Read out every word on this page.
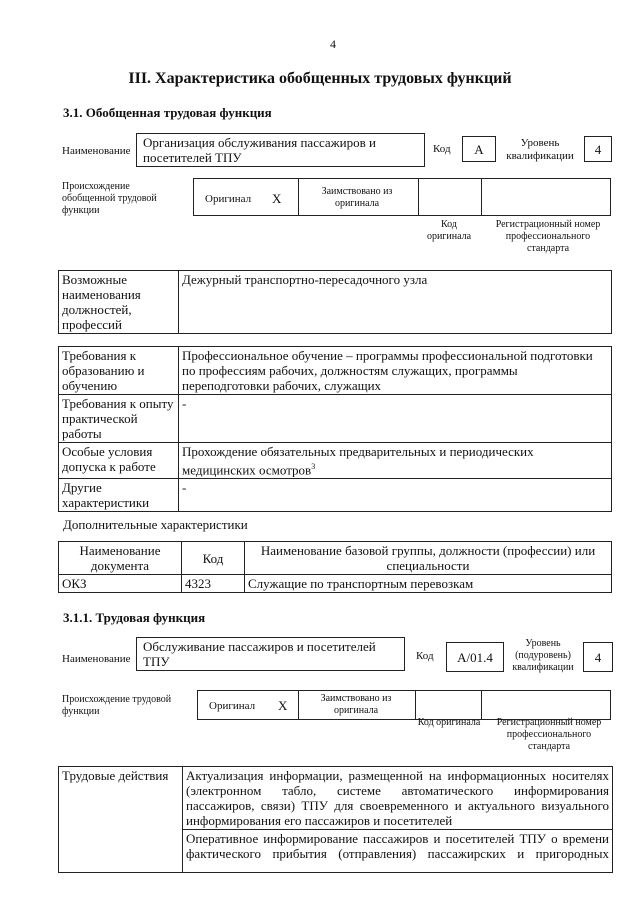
4
III. Характеристика обобщенных трудовых функций
3.1. Обобщенная трудовая функция
Наименование
Организация обслуживания пассажиров и посетителей ТПУ
Код	А	Уровень квалификации	4
Происхождение обобщенной трудовой функции
Оригинал Х	Заимствовано из оригинала
Код оригинала
Регистрационный номер профессионального стандарта
Возможные наименования должностей, профессий	Дежурный транспортно-пересадочного узла
Требования к образованию и обучению	Профессиональное обучение – программы профессиональной подготовки по профессиям рабочих, должностям служащих, программы переподготовки рабочих, служащих
Требования к опыту практической работы	-
Особые условия допуска к работе	Прохождение обязательных предварительных и периодических медицинских осмотров$^3$
Другие характеристики	-
Дополнительные характеристики
Наименование документа	Код	Наименование базовой группы, должности (профессии) или специальности
ОКЗ	4323	Служащие по транспортным перевозкам
3.1.1. Трудовая функция
Наименование
Обслуживание пассажиров и посетителей ТПУ	Код	А/01.4
Уровень (подуровень) квалификации
4
Происхождение трудовой функции	Оригинал Х	Заимствовано из оригинала
Код оригинала	Регистрационный номер профессионального стандарта
Трудовые действия	Актуализация информации, размещенной на информационных носителях (электронном табло, системе автоматического информирования пассажиров, связи) ТПУ для своевременного и актуального визуального информирования его пассажиров и посетителей
Оперативное информирование пассажиров и посетителей ТПУ о времени фактического прибытия (отправления) пассажирских и пригородных
